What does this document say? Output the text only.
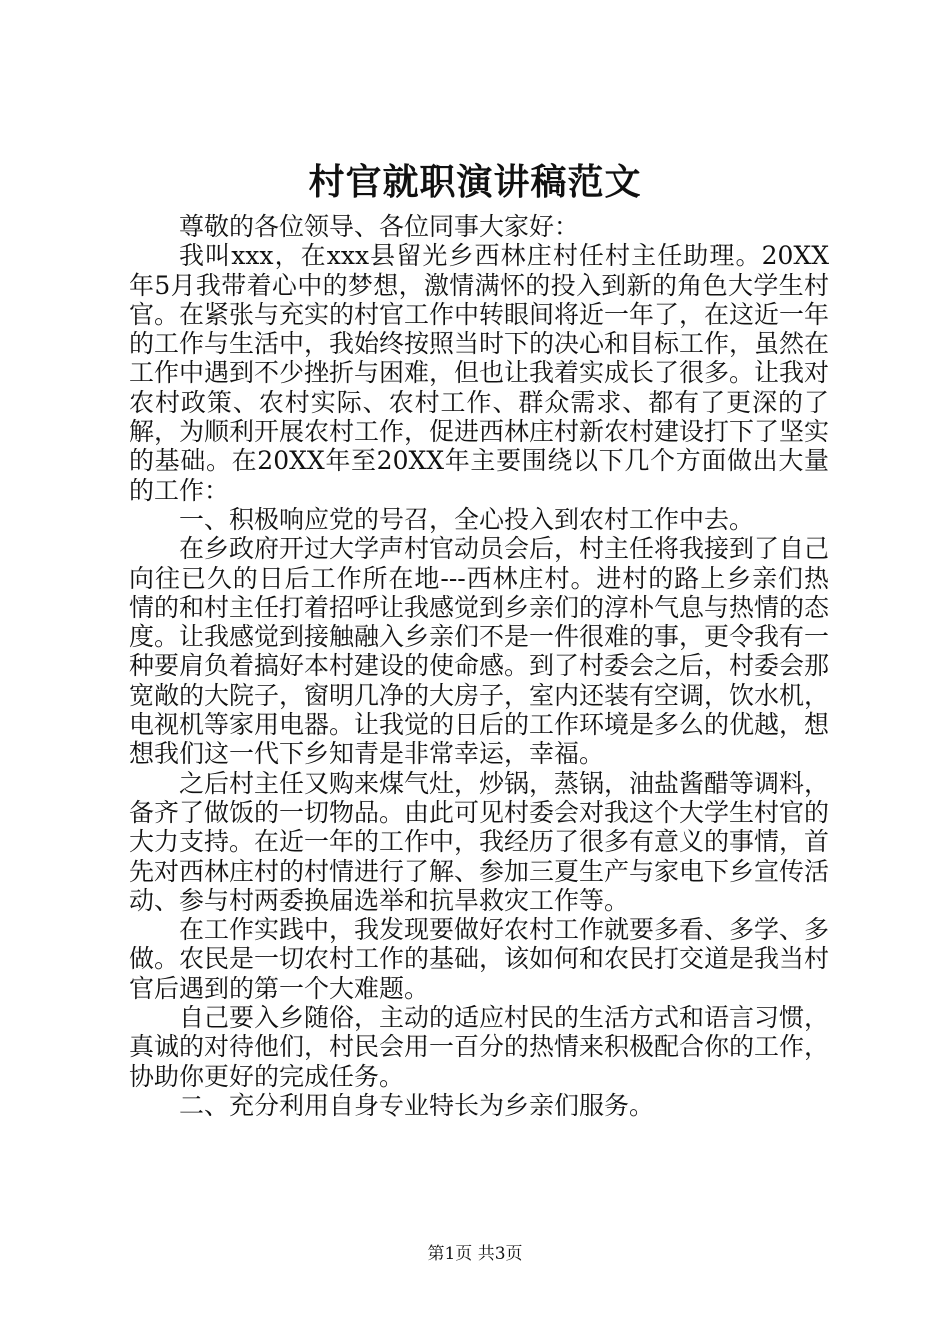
村官就职演讲稿范文

尊敬的各位领导、各位同事大家好：

我叫xxx，在xxx县留光乡西林庄村任村主任助理。20XX年5月我带着心中的梦想，激情满怀的投入到新的角色大学生村官。在紧张与充实的村官工作中转眼间将近一年了，在这近一年的工作与生活中，我始终按照当时下的决心和目标工作，虽然在工作中遇到不少挫折与困难，但也让我着实成长了很多。让我对农村政策、农村实际、农村工作、群众需求、都有了更深的了解，为顺利开展农村工作，促进西林庄村新农村建设打下了坚实的基础。在20XX年至20XX年主要围绕以下几个方面做出大量的工作：

一、积极响应党的号召，全心投入到农村工作中去。

在乡政府开过大学声村官动员会后，村主任将我接到了自己向往已久的日后工作所在地---西林庄村。进村的路上乡亲们热情的和村主任打着招呼让我感觉到乡亲们的淳朴气息与热情的态度。让我感觉到接触融入乡亲们不是一件很难的事，更令我有一种要肩负着搞好本村建设的使命感。到了村委会之后，村委会那宽敞的大院子，窗明几净的大房子，室内还装有空调，饮水机，电视机等家用电器。让我觉的日后的工作环境是多么的优越，想想我们这一代下乡知青是非常幸运，幸福。

之后村主任又购来煤气灶，炒锅，蒸锅，油盐酱醋等调料，备齐了做饭的一切物品。由此可见村委会对我这个大学生村官的大力支持。在近一年的工作中，我经历了很多有意义的事情，首先对西林庄村的村情进行了解、参加三夏生产与家电下乡宣传活动、参与村两委换届选举和抗旱救灾工作等。

在工作实践中，我发现要做好农村工作就要多看、多学、多做。农民是一切农村工作的基础，该如何和农民打交道是我当村官后遇到的第一个大难题。

自己要入乡随俗，主动的适应村民的生活方式和语言习惯，真诚的对待他们，村民会用一百分的热情来积极配合你的工作，协助你更好的完成任务。

二、充分利用自身专业特长为乡亲们服务。

第1页 共3页
